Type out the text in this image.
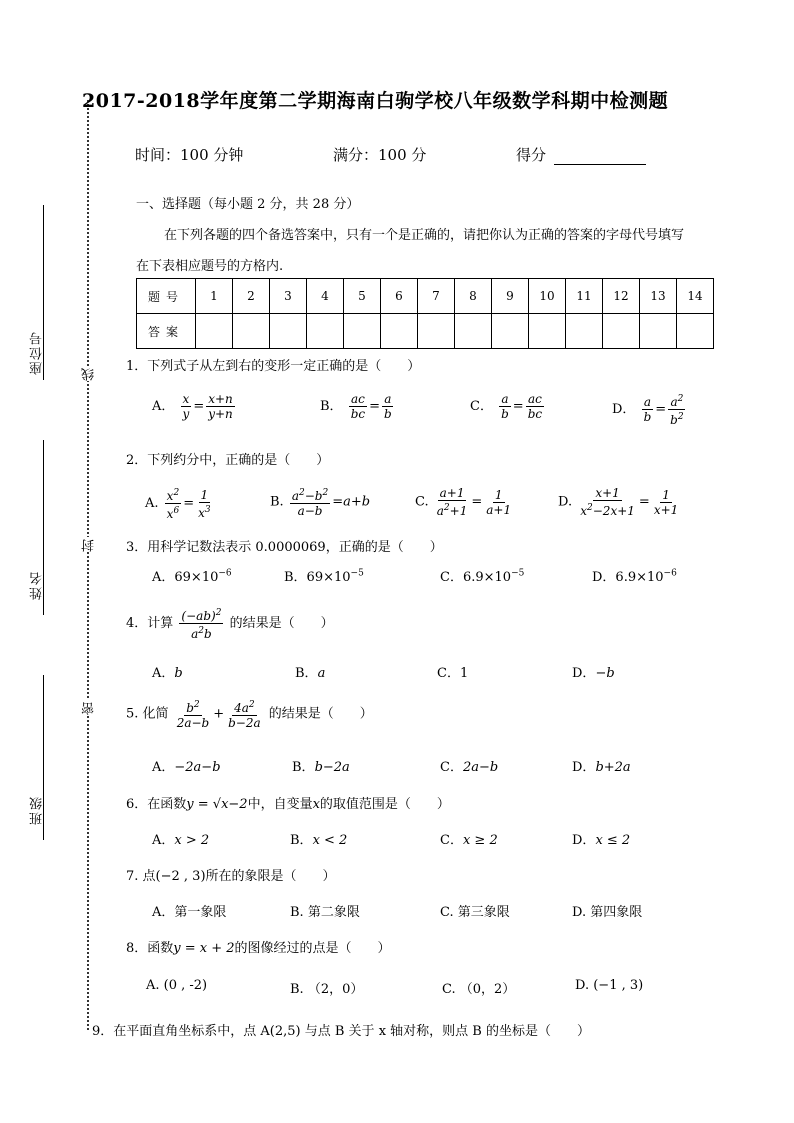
座位号
姓名
班级
线
封
密
2017-2018学年度第二学期海南白驹学校八年级数学科期中检测题
时间：100 分钟	满分：100 分	得分
一、选择题（每小题 2 分，共 28 分）
在下列各题的四个备选答案中，只有一个是正确的，请把你认为正确的答案的字母代号填写
在下表相应题号的方格内.
题号	1	2	3	4	5	6	7	8	9	10	11	12	13	14
答案														
1．下列式子从左到右的变形一定正确的是（　　）
A． $\frac{x}{y} = \frac{x+n}{y+n}$	B． $\frac{ac}{bc} = \frac{a}{b}$	C． $\frac{a}{b} = \frac{ac}{bc}$	D． $\frac{a}{b} = \frac{a^2}{b^2}$
2．下列约分中，正确的是（　　）
A. $\frac{x^2}{x^6} = \frac{1}{x^3}$	B. $\frac{a^2-b^2}{a-b} =a+b$	C. $\frac{a+1}{a^2+1} = \frac{1}{a+1}$	D. $\frac{x+1}{x^2-2x+1} = \frac{1}{x+1}$
3．用科学记数法表示 0.0000069，正确的是（　　）
A．$69\times 10^{-6}$	B．$69\times 10^{-5}$	C．$6.9\times 10^{-5}$	D．$6.9\times 10^{-6}$
4．计算 $\frac{(-ab)^2}{a^2b}$ 的结果是（　　）
A．b	B．a	C．1	D．−b
5. 化简 $\frac{b^2}{2a-b} + \frac{4a^2}{b-2a}$ 的结果是（　　）
A．−2a−b	B．b−2a	C．2a−b	D．b+2a
6．在函数y = √x−2中，自变量x的取值范围是（　　）
A．x > 2	B．x < 2	C．x ≥ 2	D．x ≤ 2
7. 点(−2 , 3)所在的象限是（　　）
A．第一象限	B. 第二象限	C. 第三象限	D. 第四象限
8．函数y = x + 2的图像经过的点是（　　）
A. (0 , -2)	B. （2，0）	C. （0，2）	D. (−1 , 3)
9．在平面直角坐标系中，点 A(2,5) 与点 B 关于 x 轴对称，则点 B 的坐标是（　　）
